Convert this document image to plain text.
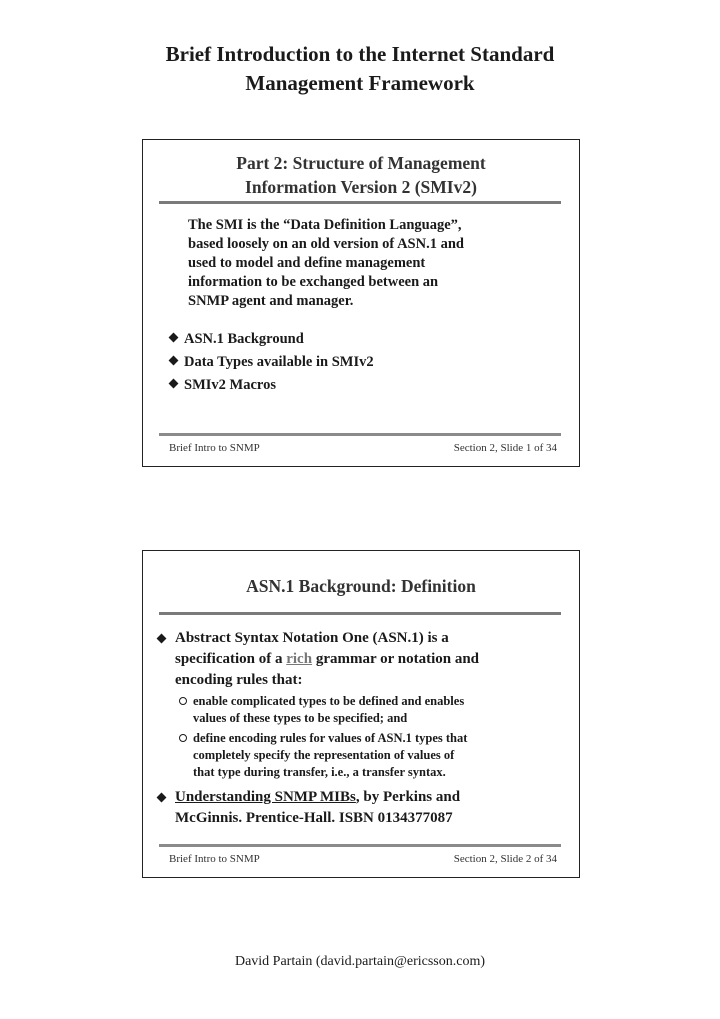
Brief Introduction to the Internet Standard
Management Framework
Part 2: Structure of Management
Information Version 2 (SMIv2)
The SMI is the “Data Definition Language”,
based loosely on an old version of ASN.1 and
used to model and define management
information to be exchanged between an
SNMP agent and manager.
ASN.1 Background
Data Types available in SMIv2
SMIv2 Macros
Brief Intro to SNMP	Section 2, Slide 1 of 34
ASN.1 Background: Definition
Abstract Syntax Notation One (ASN.1) is a
specification of a rich grammar or notation and
encoding rules that:
enable complicated types to be defined and enables
values of these types to be specified; and
define encoding rules for values of ASN.1 types that
completely specify the representation of values of
that type during transfer, i.e., a transfer syntax.
Understanding SNMP MIBs, by Perkins and
McGinnis. Prentice-Hall. ISBN 0134377087
Brief Intro to SNMP	Section 2, Slide 2 of 34
David Partain (david.partain@ericsson.com)
